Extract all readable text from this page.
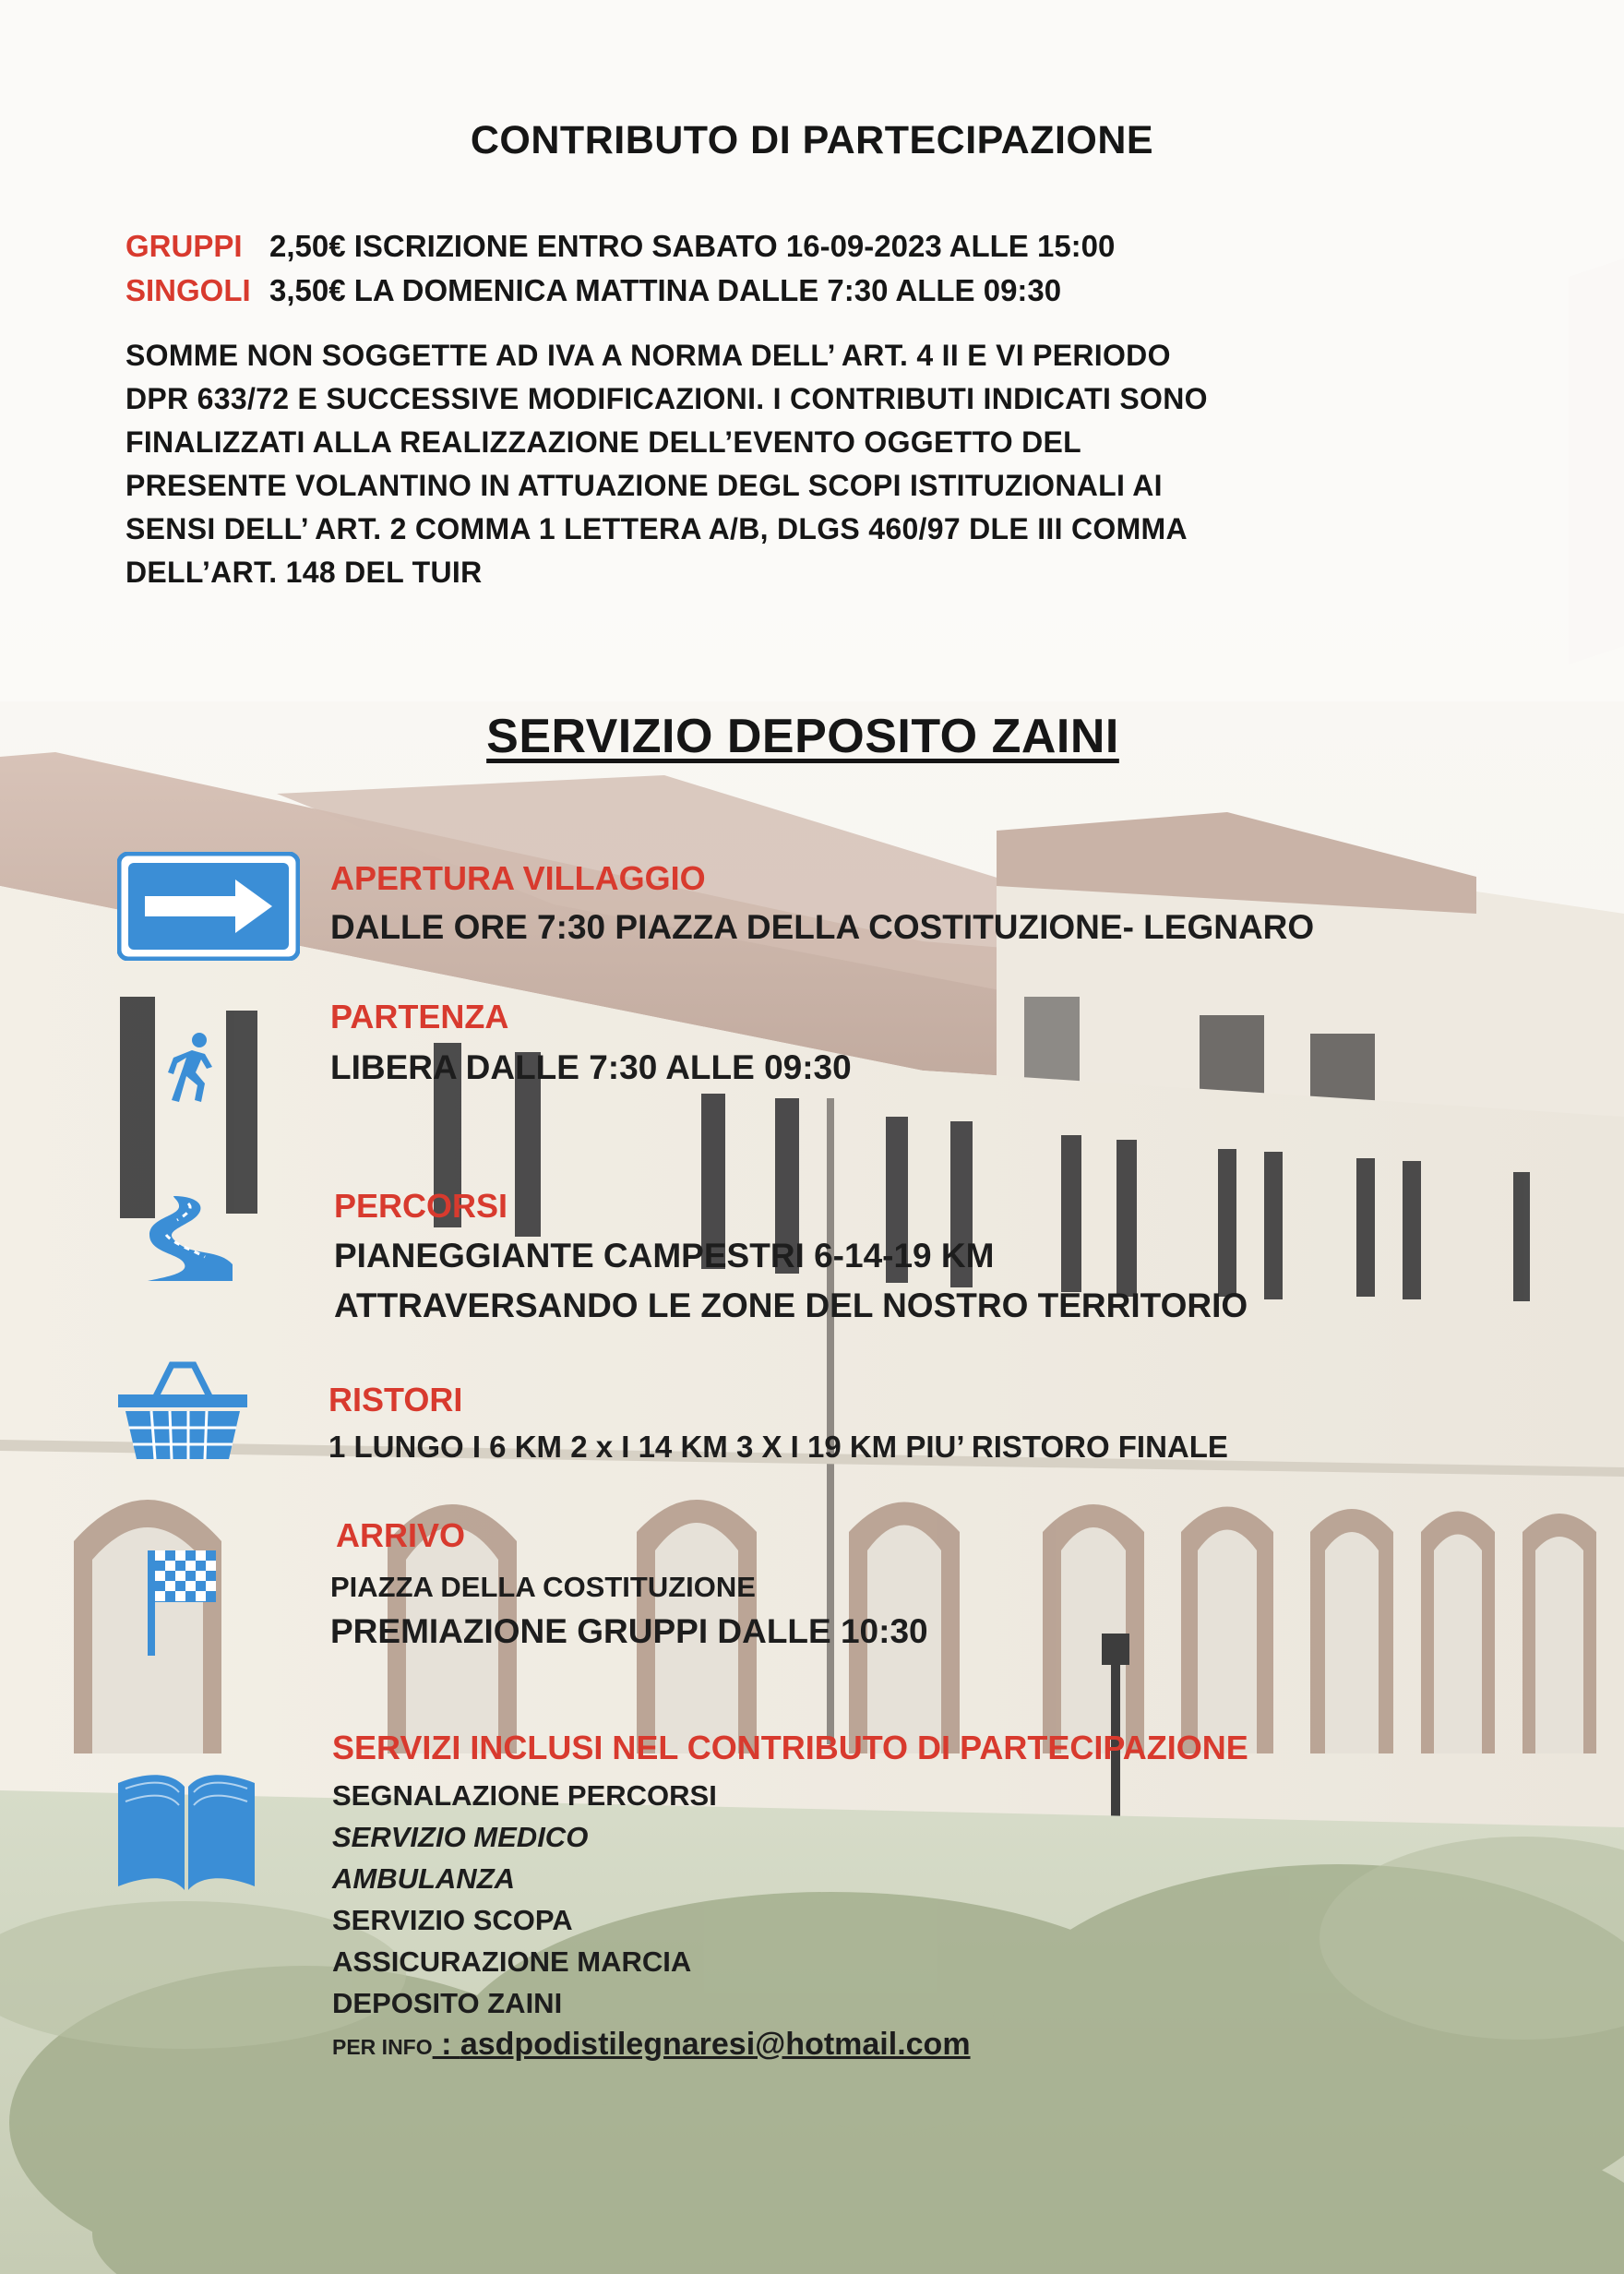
CONTRIBUTO DI PARTECIPAZIONE
GRUPPI 2,50€ ISCRIZIONE ENTRO SABATO 16-09-2023 ALLE 15:00
SINGOLI 3,50€ LA DOMENICA MATTINA DALLE 7:30 ALLE 09:30

SOMME NON SOGGETTE AD IVA A NORMA DELL’ ART. 4 II E VI PERIODO
DPR 633/72 E SUCCESSIVE MODIFICAZIONI. I CONTRIBUTI INDICATI SONO
FINALIZZATI ALLA REALIZZAZIONE DELL’EVENTO OGGETTO DEL
PRESENTE VOLANTINO IN ATTUAZIONE DEGL SCOPI ISTITUZIONALI AI
SENSI DELL’ ART. 2 COMMA 1 LETTERA A/B, DLGS 460/97 DLE III COMMA
DELL’ART. 148 DEL TUIR

SERVIZIO DEPOSITO ZAINI
APERTURA VILLAGGIO
DALLE ORE 7:30 PIAZZA DELLA COSTITUZIONE- LEGNARO
PARTENZA
LIBERA DALLE 7:30 ALLE 09:30
PERCORSI
PIANEGGIANTE CAMPESTRI 6-14-19 KM
ATTRAVERSANDO LE ZONE DEL NOSTRO TERRITORIO
RISTORI
1 LUNGO I 6 KM 2 x I 14 KM 3 X I 19 KM PIU’ RISTORO FINALE
ARRIVO
PIAZZA DELLA COSTITUZIONE
PREMIAZIONE GRUPPI DALLE 10:30
SERVIZI INCLUSI NEL CONTRIBUTO DI PARTECIPAZIONE
SEGNALAZIONE PERCORSI
SERVIZIO MEDICO
AMBULANZA
SERVIZIO SCOPA
ASSICURAZIONE MARCIA
DEPOSITO ZAINI
PER INFO : asdpodistilegnaresi@hotmail.com
